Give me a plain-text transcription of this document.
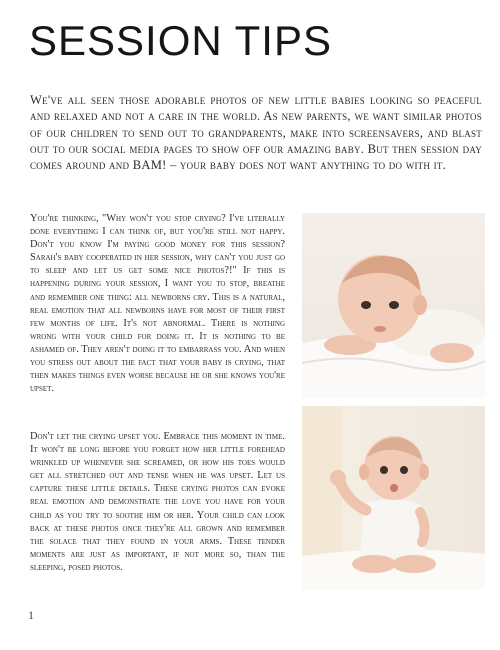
SESSION TIPS
We've all seen those adorable photos of new little babies looking so peaceful and relaxed and not a care in the world. As new parents, we want similar photos of our children to send out to grandparents, make into screensavers, and blast out to our social media pages to show off our amazing baby. But then session day comes around and BAM! – your baby does not want anything to do with it.
You're thinking, "Why won't you stop crying? I've literally done everything I can think of, but you're still not happy. Don't you know I'm paying good money for this session? Sarah's baby cooperated in her session, why can't you just go to sleep and let us get some nice photos?!" If this is happening during your session, I want you to stop, breathe and remember one thing: all newborns cry. This is a natural, real emotion that all newborns have for most of their first few months of life. It's not abnormal. There is nothing wrong with your child for doing it. It is nothing to be ashamed of. They aren't doing it to embarrass you. And when you stress out about the fact that your baby is crying, that then makes things even worse because he or she knows you're upset.
Don't let the crying upset you. Embrace this moment in time. It won't be long before you forget how her little forehead wrinkled up whenever she screamed, or how his toes would get all stretched out and tense when he was upset. Let us capture these little details. These crying photos can evoke real emotion and demonstrate the love you have for your child as you try to soothe him or her. Your child can look back at these photos once they're all grown and remember the solace that they found in your arms. These tender moments are just as important, if not more so, than the sleeping, posed photos.
1
